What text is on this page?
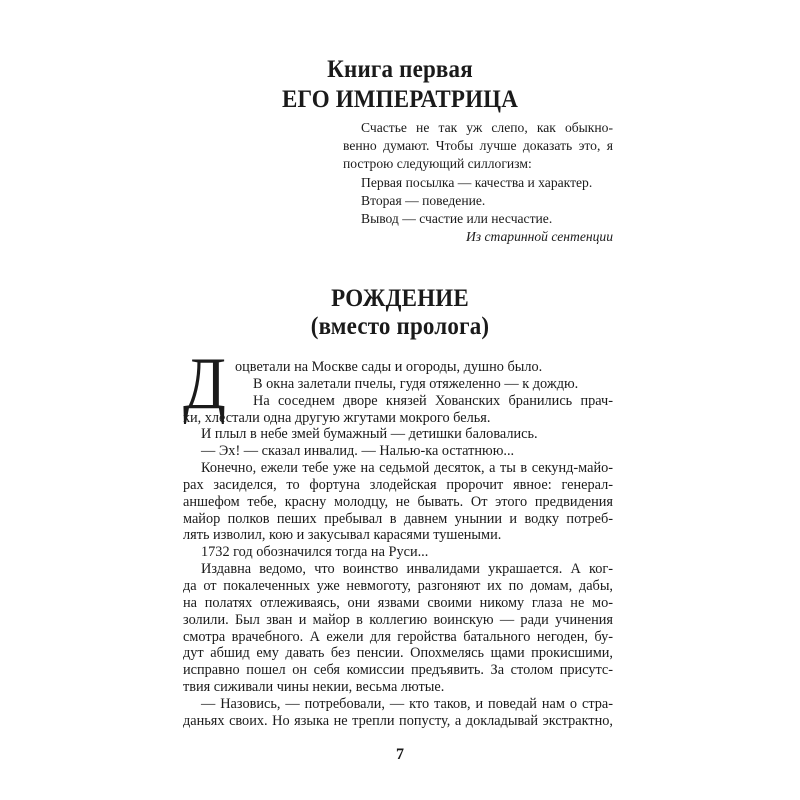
Книга первая
ЕГО ИМПЕРАТРИЦА
Счастье не так уж слепо, как обыкно-
венно думают. Чтобы лучше доказать это, я
построю следующий силлогизм:
Первая посылка — качества и характер.
Вторая — поведение.
Вывод — счастие или несчастие.
Из старинной сентенции
РОЖДЕНИЕ
(вместо пролога)
Д оцветали на Москве сады и огороды, душно было.
В окна залетали пчелы, гудя отяжеленно — к дождю.
На соседнем дворе князей Хованских бранились прач-
ки, хлестали одна другую жгутами мокрого белья.
И плыл в небе змей бумажный — детишки баловались.
— Эх! — сказал инвалид. — Налью-ка остатнюю...
Конечно, ежели тебе уже на седьмой десяток, а ты в секунд-майо-
рах засиделся, то фортуна злодейская пророчит явное: генерал-
аншефом тебе, красну молодцу, не бывать. От этого предвидения
майор полков пеших пребывал в давнем унынии и водку потреб-
лять изволил, кою и закусывал карасями тушеными.
1732 год обозначился тогда на Руси...
Издавна ведомо, что воинство инвалидами украшается. А ког-
да от покалеченных уже невмоготу, разгоняют их по домам, дабы,
на полатях отлеживаясь, они язвами своими никому глаза не мо-
золили. Был зван и майор в коллегию воинскую — ради учинения
смотра врачебного. А ежели для геройства батального негоден, бу-
дут абшид ему давать без пенсии. Опохмелясь щами прокисшими,
исправно пошел он себя комиссии предъявить. За столом присутс-
твия сиживали чины некии, весьма лютые.
— Назовись, — потребовали, — кто таков, и поведай нам о стра-
даньях своих. Но языка не трепли попусту, а докладывай экстрактно,
7
